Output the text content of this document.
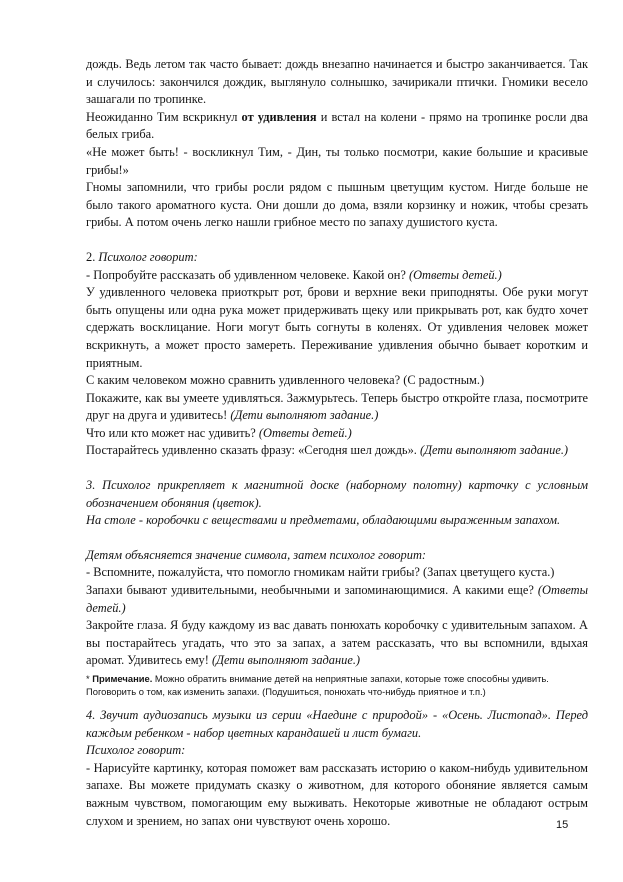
дождь. Ведь летом так часто бывает: дождь внезапно начинается и быстро заканчивается. Так и случилось: закончился дождик, выглянуло солнышко, зачирикали птички. Гномики весело зашагали по тропинке.

Неожиданно Тим вскрикнул от удивления и встал на колени - прямо на тропинке росли два белых гриба.

«Не может быть! - воскликнул Тим, - Дин, ты только посмотри, какие большие и красивые грибы!»

Гномы запомнили, что грибы росли рядом с пышным цветущим кустом. Нигде больше не было такого ароматного куста. Они дошли до дома, взяли корзинку и ножик, чтобы срезать грибы. А потом очень легко нашли грибное место по запаху душистого куста.

2. Психолог говорит:

- Попробуйте рассказать об удивленном человеке. Какой он? (Ответы детей.)

У удивленного человека приоткрыт рот, брови и верхние веки приподняты. Обе руки могут быть опущены или одна рука может придерживать щеку или прикрывать рот, как будто хочет сдержать восклицание. Ноги могут быть согнуты в коленях. От удивления человек может вскрикнуть, а может просто замереть. Переживание удивления обычно бывает коротким и приятным.

С каким человеком можно сравнить удивленного человека? (С радостным.)

Покажите, как вы умеете удивляться. Зажмурьтесь. Теперь быстро откройте глаза, посмотрите друг на друга и удивитесь! (Дети выполняют задание.)

Что или кто может нас удивить? (Ответы детей.)

Постарайтесь удивленно сказать фразу: «Сегодня шел дождь». (Дети выполняют задание.)

3. Психолог прикрепляет к магнитной доске (наборному полотну) карточку с условным обозначением обоняния (цветок).

На столе - коробочки с веществами и предметами, обладающими выраженным запахом.

Детям объясняется значение символа, затем психолог говорит:

- Вспомните, пожалуйста, что помогло гномикам найти грибы? (Запах цветущего куста.)

Запахи бывают удивительными, необычными и запоминающимися. А какими еще? (Ответы детей.)

Закройте глаза. Я буду каждому из вас давать понюхать коробочку с удивительным запахом. А вы постарайтесь угадать, что это за запах, а затем рассказать, что вы вспомнили, вдыхая аромат. Удивитесь ему! (Дети выполняют задание.)

* Примечание. Можно обратить внимание детей на неприятные запахи, которые тоже способны удивить. Поговорить о том, как изменить запахи. (Подушиться, понюхать что-нибудь приятное и т.п.)

4. Звучит аудиозапись музыки из серии «Наедине с природой» - «Осень. Листопад». Перед каждым ребенком - набор цветных карандашей и лист бумаги.

Психолог говорит:

- Нарисуйте картинку, которая поможет вам рассказать историю о каком-нибудь удивительном запахе. Вы можете придумать сказку о животном, для которого обоняние является самым важным чувством, помогающим ему выживать. Некоторые животные не обладают острым слухом и зрением, но запах они чувствуют очень хорошо.	15
